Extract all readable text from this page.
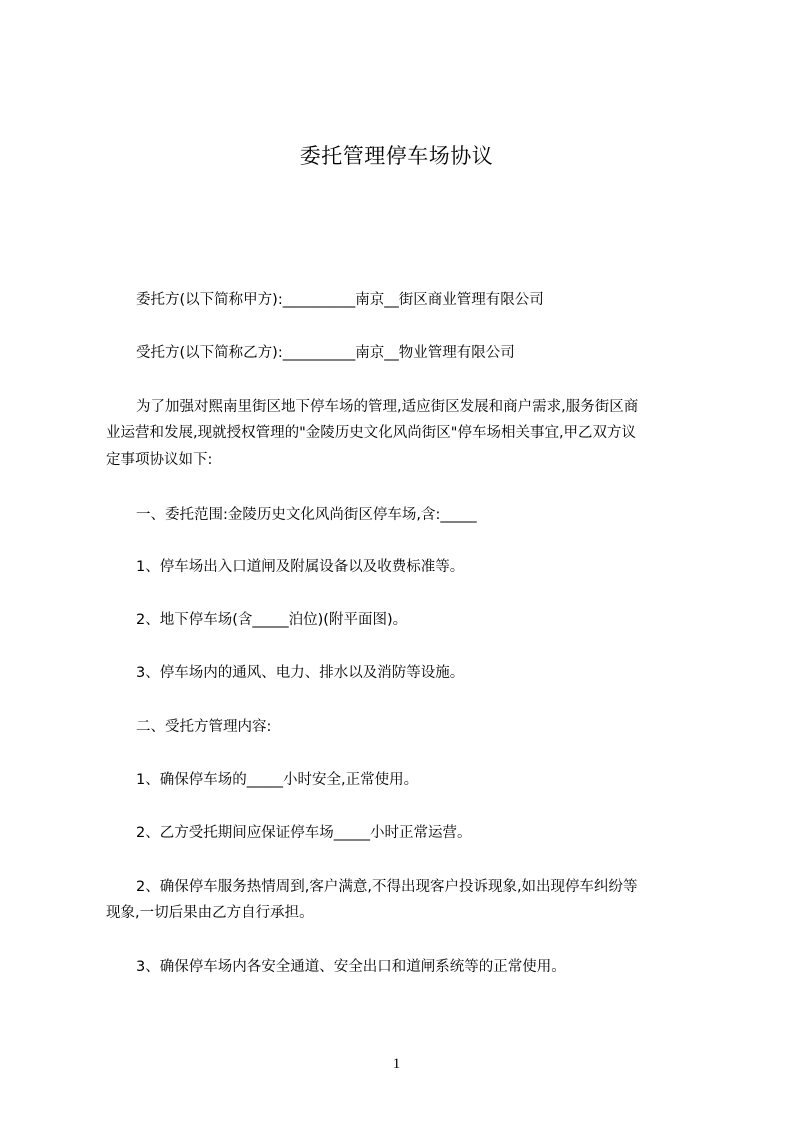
委托管理停车场协议
委托方(以下简称甲方):__________南京__街区商业管理有限公司
受托方(以下简称乙方):__________南京__物业管理有限公司
为了加强对熙南里街区地下停车场的管理,适应街区发展和商户需求,服务街区商
业运营和发展,现就授权管理的"金陵历史文化风尚街区"停车场相关事宜,甲乙双方议
定事项协议如下:
一、委托范围:金陵历史文化风尚街区停车场,含:_____
1、停车场出入口道闸及附属设备以及收费标准等。
2、地下停车场(含_____泊位)(附平面图)。
3、停车场内的通风、电力、排水以及消防等设施。
二、受托方管理内容:
1、确保停车场的_____小时安全,正常使用。
2、乙方受托期间应保证停车场_____小时正常运营。
2、确保停车服务热情周到,客户满意,不得出现客户投诉现象,如出现停车纠纷等
现象,一切后果由乙方自行承担。
3、确保停车场内各安全通道、安全出口和道闸系统等的正常使用。
1
